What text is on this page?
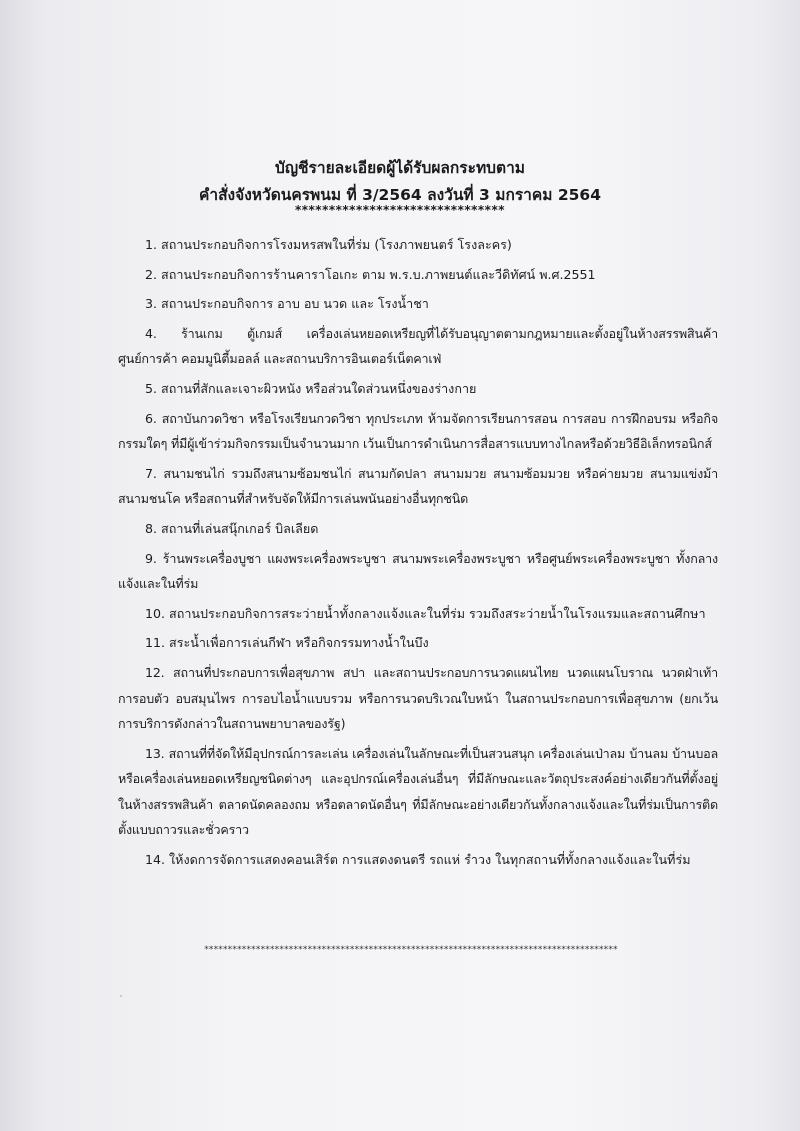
บัญชีรายละเอียดผู้ได้รับผลกระทบตาม
คำสั่งจังหวัดนครพนม ที่ 3/2564 ลงวันที่ 3 มกราคม 2564
*******************************
1. สถานประกอบกิจการโรงมหรสพในที่ร่ม (โรงภาพยนตร์ โรงละคร)
2. สถานประกอบกิจการร้านคาราโอเกะ ตาม พ.ร.บ.ภาพยนต์และวีดิทัศน์ พ.ศ.2551
3. สถานประกอบกิจการ อาบ อบ นวด และ โรงน้ำชา
4. ร้านเกม ตู้เกมส์ เครื่องเล่นหยอดเหรียญที่ได้รับอนุญาตตามกฎหมายและตั้งอยู่ในห้างสรรพสินค้า ศูนย์การค้า คอมมูนิตี้มอลล์ และสถานบริการอินเตอร์เน็ตคาเฟ่
5. สถานที่สักและเจาะผิวหนัง หรือส่วนใดส่วนหนึ่งของร่างกาย
6. สถาบันกวดวิชา หรือโรงเรียนกวดวิชา ทุกประเภท ห้ามจัดการเรียนการสอน การสอบ การฝึกอบรม หรือกิจกรรมใดๆ ที่มีผู้เข้าร่วมกิจกรรมเป็นจำนวนมาก เว้นเป็นการดำเนินการสื่อสารแบบทางไกลหรือด้วยวิธีอิเล็กทรอนิกส์
7. สนามชนไก่ รวมถึงสนามซ้อมชนไก่ สนามกัดปลา สนามมวย สนามซ้อมมวย หรือค่ายมวย สนามแข่งม้า สนามชนโค หรือสถานที่สำหรับจัดให้มีการเล่นพนันอย่างอื่นทุกชนิด
8. สถานที่เล่นสนุ๊กเกอร์ บิลเลียด
9. ร้านพระเครื่องบูชา แผงพระเครื่องพระบูชา สนามพระเครื่องพระบูชา หรือศูนย์พระเครื่องพระบูชา ทั้งกลางแจ้งและในที่ร่ม
10. สถานประกอบกิจการสระว่ายน้ำทั้งกลางแจ้งและในที่ร่ม รวมถึงสระว่ายน้ำในโรงแรมและสถานศึกษา
11. สระน้ำเพื่อการเล่นกีฬา หรือกิจกรรมทางน้ำในบึง
12. สถานที่ประกอบการเพื่อสุขภาพ สปา และสถานประกอบการนวดแผนไทย นวดแผนโบราณ นวดฝ่าเท้า การอบตัว อบสมุนไพร การอบไอน้ำแบบรวม หรือการนวดบริเวณใบหน้า ในสถานประกอบการเพื่อสุขภาพ (ยกเว้นการบริการดังกล่าวในสถานพยาบาลของรัฐ)
13. สถานที่ที่จัดให้มีอุปกรณ์การละเล่น เครื่องเล่นในลักษณะที่เป็นสวนสนุก เครื่องเล่นเป่าลม บ้านลม บ้านบอล หรือเครื่องเล่นหยอดเหรียญชนิดต่างๆ และอุปกรณ์เครื่องเล่นอื่นๆ ที่มีลักษณะและวัตถุประสงค์อย่างเดียวกันที่ตั้งอยู่ในห้างสรรพสินค้า ตลาดนัดคลองถม หรือตลาดนัดอื่นๆ ที่มีลักษณะอย่างเดียวกันทั้งกลางแจ้งและในที่ร่มเป็นการติดตั้งแบบถาวรและชั่วคราว
14. ให้งดการจัดการแสดงคอนเสิร์ต การแสดงดนตรี รถแห่ รำวง ในทุกสถานที่ทั้งกลางแจ้งและในที่ร่ม
****************************************************************************************
